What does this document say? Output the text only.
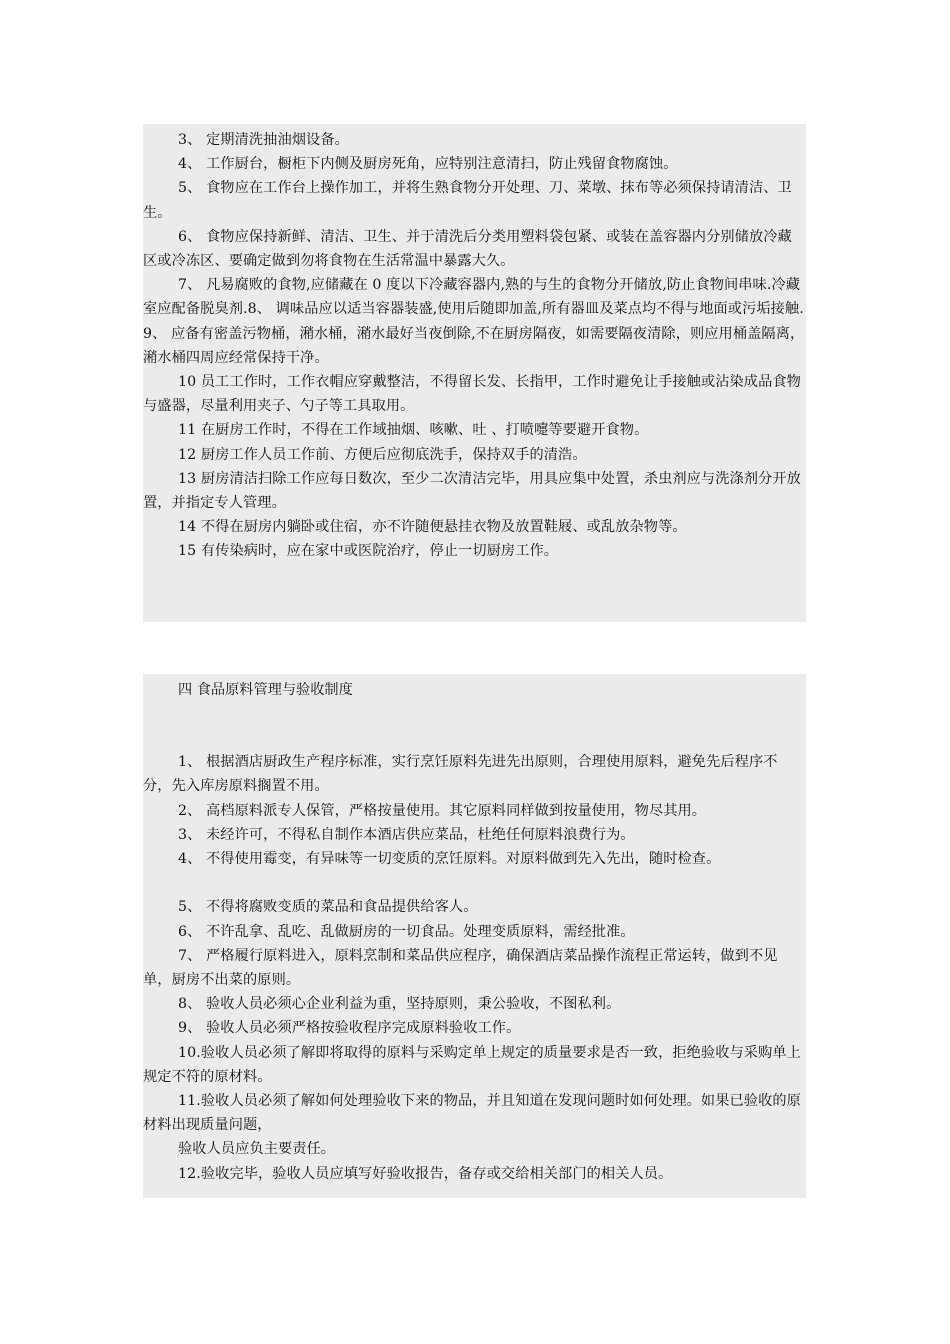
3、 定期清洗抽油烟设备。

4、 工作厨台，橱柜下内侧及厨房死角，应特别注意清扫，防止残留食物腐蚀。

5、 食物应在工作台上操作加工，并将生熟食物分开处理、刀、菜墩、抹布等必须保持请清洁、卫生。

6、 食物应保持新鲜、清洁、卫生、并于清洗后分类用塑料袋包紧、或装在盖容器内分别储放冷藏区或冷冻区、要确定做到勿将食物在生活常温中暴露大久。

7、 凡易腐败的食物,应储藏在 0 度以下冷藏容器内,熟的与生的食物分开储放,防止食物间串味.冷藏室应配备脱臭剂.8、 调味品应以适当容器装盛,使用后随即加盖,所有器皿及菜点均不得与地面或污垢接触.9、 应备有密盖污物桶，潲水桶，潲水最好当夜倒除,不在厨房隔夜，如需要隔夜清除，则应用桶盖隔离，潲水桶四周应经常保持干净。

10 员工工作时，工作衣帽应穿戴整洁，不得留长发、长指甲，工作时避免让手接触或沾染成品食物与盛器，尽量利用夹子、勺子等工具取用。

11 在厨房工作时，不得在工作域抽烟、咳嗽、吐 、打喷嚏等要避开食物。

12 厨房工作人员工作前、方便后应彻底洗手，保持双手的清浩。

13 厨房清洁扫除工作应每日数次，至少二次清洁完毕，用具应集中处置，杀虫剂应与洗涤剂分开放置，并指定专人管理。

14 不得在厨房内躺卧或住宿，亦不许随便悬挂衣物及放置鞋屐、或乱放杂物等。

15 有传染病时，应在家中或医院治疗，停止一切厨房工作。

四 食品原料管理与验收制度

1、 根据酒店厨政生产程序标准，实行烹饪原料先进先出原则，合理使用原料，避免先后程序不分，先入库房原料搁置不用。

2、 高档原料派专人保管，严格按量使用。其它原料同样做到按量使用，物尽其用。

3、 未经许可，不得私自制作本酒店供应菜品，杜绝任何原料浪费行为。

4、 不得使用霉变，有异味等一切变质的烹饪原料。对原料做到先入先出，随时检查。

5、 不得将腐败变质的菜品和食品提供给客人。

6、 不许乱拿、乱吃、乱做厨房的一切食品。处理变质原料，需经批准。

7、 严格履行原料进入，原料烹制和菜品供应程序，确保酒店菜品操作流程正常运转，做到不见单，厨房不出菜的原则。

8、 验收人员必须心企业利益为重，坚持原则，秉公验收，不图私利。

9、 验收人员必须严格按验收程序完成原料验收工作。

10.验收人员必须了解即将取得的原料与采购定单上规定的质量要求是否一致，拒绝验收与采购单上规定不符的原材料。

11.验收人员必须了解如何处理验收下来的物品，并且知道在发现问题时如何处理。如果已验收的原材料出现质量问题，

验收人员应负主要责任。

12.验收完毕，验收人员应填写好验收报告，备存或交给相关部门的相关人员。
